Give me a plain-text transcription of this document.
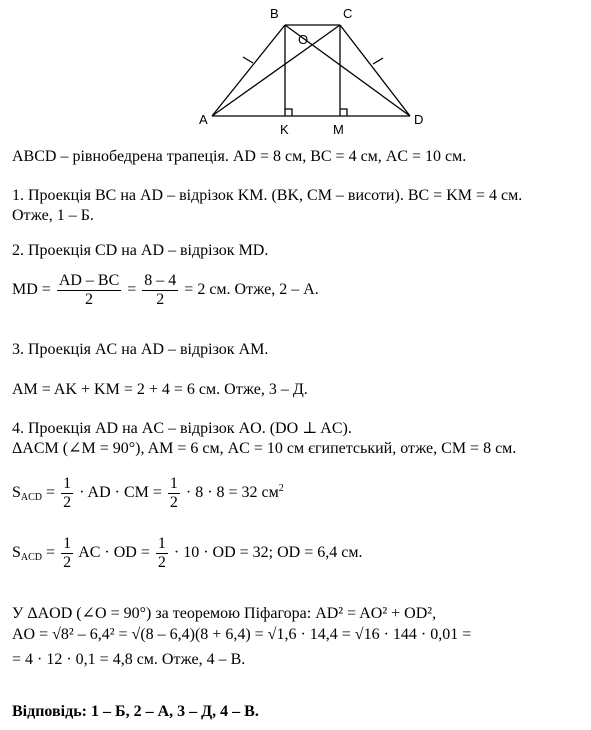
B	C
O
A	D
K	M
ABCD – рівнобедрена трапеція. AD = 8 см, BC = 4 см, AC = 10 см.
1. Проекція BC на AD – відрізок KM. (BK, CM – висоти). BC = KM = 4 см.
Отже, 1 – Б.
2. Проекція CD на AD – відрізок MD.
MD = $\frac{AD - BC}{2} = \frac{8 - 4}{2} = 2$ см. Отже, 2 – А.
3. Проекція AC на AD – відрізок AM.
AM = AK + KM = 2 + 4 = 6 см. Отже, 3 – Д.
4. Проекція AD на AC – відрізок AO. (DO ⊥ AC).
ΔACM (∠M = 90°), AM = 6 см, AC = 10 см єгипетський, отже, CM = 8 см.
$S_{ACD} = \frac{1}{2}$ · AD · CM = $\frac{1}{2} \cdot 8 \cdot 8 = 32$ $см^2$
$S_{ACD} = \frac{1}{2}$ AC · OD = $\frac{1}{2} \cdot 10$ · OD = 32; OD = 6,4 см.
У ΔAOD (∠O = 90°) за теоремою Піфагора: AD² = AO² + OD²,
AO = √8² – 6,4² = √(8 – 6,4)(8 + 6,4) = √1,6 · 14,4 = √16 · 144 · 0,01 =
= 4 · 12 · 0,1 = 4,8 см. Отже, 4 – В.
Відповідь: 1 – Б, 2 – А, 3 – Д, 4 – В.
